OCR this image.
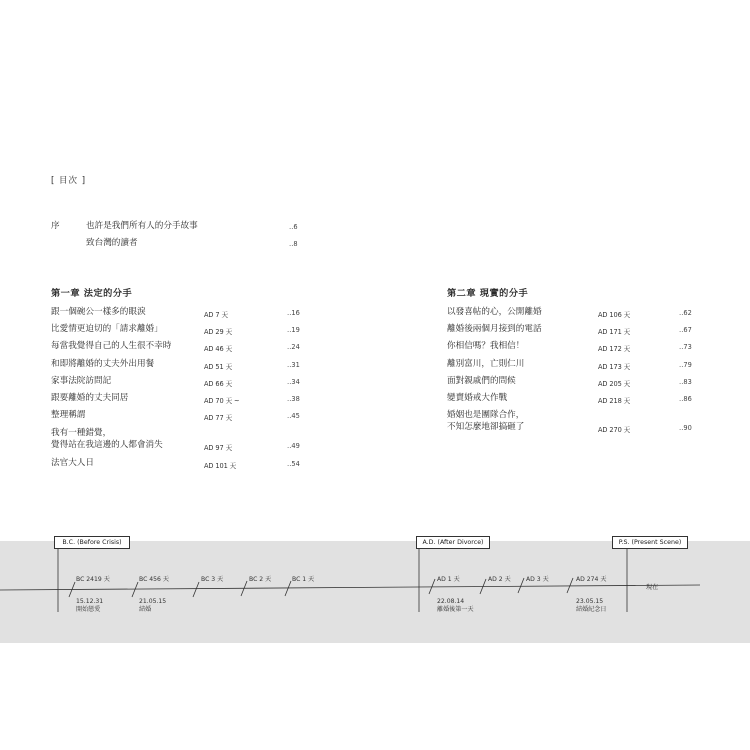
[ 目次 ]
序	也許是我們所有人的分手故事	‥6
致台灣的讀者	‥8
第一章 法定的分手
跟一個碗公一樣多的眼淚	AD 7 天	‥16
比愛情更迫切的「請求離婚」	AD 29 天	‥19
每當我覺得自己的人生很不幸時	AD 46 天	‥24
和即將離婚的丈夫外出用餐	AD 51 天	‥31
家事法院訪問記	AD 66 天	‥34
跟要離婚的丈夫同居	AD 70 天 ~	‥38
整理稱謂	AD 77 天	‥45
我有一種錯覺，
覺得站在我這邊的人都會消失	AD 97 天	‥49
法官大人日	AD 101 天	‥54
第二章 現實的分手
以發喜帖的心，公開離婚	AD 106 天	‥62
離婚後兩個月接到的電話	AD 171 天	‥67
你相信嗎？我相信！	AD 172 天	‥73
離別富川，亡則仁川	AD 173 天	‥79
面對親戚們的問候	AD 205 天	‥83
變賣婚戒大作戰	AD 218 天	‥86
婚姻也是團隊合作，
不知怎麼地卻搞砸了	AD 270 天	‥90
B.C. (Before Crisis)	A.D. (After Divorce)	P.S. (Present Scene)
BC 2419 天	BC 456 天	BC 3 天	BC 2 天	BC 1 天	AD 1 天	AD 2 天	AD 3 天	AD 274 天
現在
15.12.31
開始戀愛
21.05.15
結婚
22.08.14
離婚後第一天
23.05.15
結婚紀念日
